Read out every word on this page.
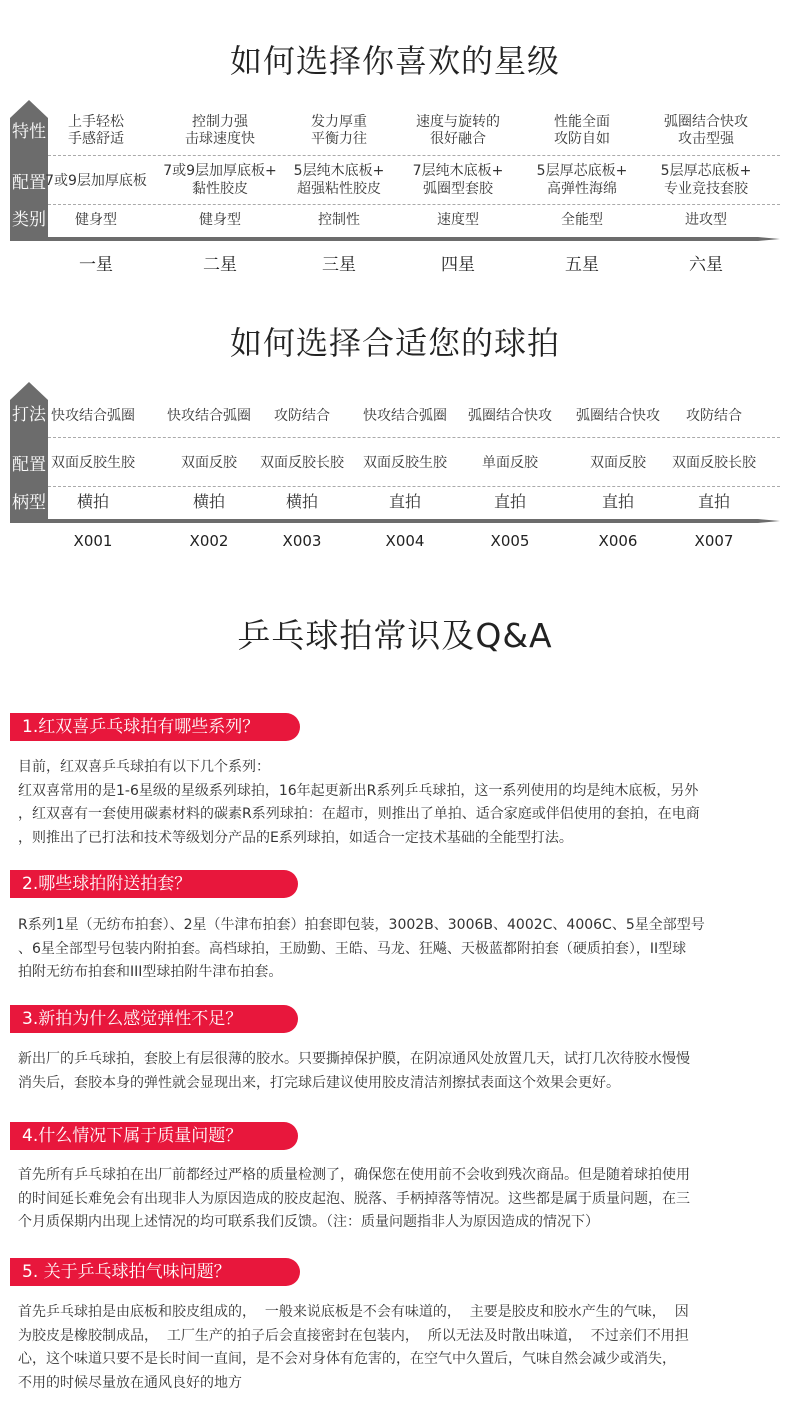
如何选择你喜欢的星级
特性
配置
类别
上手轻松
手感舒适
7或9层加厚底板
健身型
一星
控制力强
击球速度快
7或9层加厚底板+
黏性胶皮
健身型
二星
发力厚重
平衡力往
5层纯木底板+
超强粘性胶皮
控制性
三星
速度与旋转的
很好融合
7层纯木底板+
弧圈型套胶
速度型
四星
性能全面
攻防自如
5层厚芯底板+
高弹性海绵
全能型
五星
弧圈结合快攻
攻击型强
5层厚芯底板+
专业竞技套胶
进攻型
六星
如何选择合适您的球拍
打法
配置
柄型
快攻结合弧圈
双面反胶生胶
横拍
X001
快攻结合弧圈
双面反胶
横拍
X002
攻防结合
双面反胶长胶
横拍
X003
快攻结合弧圈
双面反胶生胶
直拍
X004
弧圈结合快攻
单面反胶
直拍
X005
弧圈结合快攻
双面反胶
直拍
X006
攻防结合
双面反胶长胶
直拍
X007
乒乓球拍常识及Q&A
1.红双喜乒乓球拍有哪些系列？
目前，红双喜乒乓球拍有以下几个系列：
红双喜常用的是1-6星级的星级系列球拍，16年起更新出R系列乒乓球拍，这一系列使用的均是纯木底板，另外
，红双喜有一套使用碳素材料的碳素R系列球拍：在超市，则推出了单拍、适合家庭或伴侣使用的套拍，在电商
，则推出了已打法和技术等级划分产品的E系列球拍，如适合一定技术基础的全能型打法。
2.哪些球拍附送拍套？
R系列1星（无纺布拍套）、2星（牛津布拍套）拍套即包装，3002B、3006B、4002C、4006C、5星全部型号
、6星全部型号包装内附拍套。高档球拍，王励勤、王皓、马龙、狂飚、天极蓝都附拍套（硬质拍套），II型球
拍附无纺布拍套和III型球拍附牛津布拍套。
3.新拍为什么感觉弹性不足？
新出厂的乒乓球拍，套胶上有层很薄的胶水。只要撕掉保护膜，在阴凉通风处放置几天，试打几次待胶水慢慢
消失后，套胶本身的弹性就会显现出来，打完球后建议使用胶皮清洁剂擦拭表面这个效果会更好。
4.什么情况下属于质量问题？
首先所有乒乓球拍在出厂前都经过严格的质量检测了，确保您在使用前不会收到残次商品。但是随着球拍使用
的时间延长难免会有出现非人为原因造成的胶皮起泡、脱落、手柄掉落等情况。这些都是属于质量问题，在三
个月质保期内出现上述情况的均可联系我们反馈。（注：质量问题指非人为原因造成的情况下）
5. 关于乒乓球拍气味问题？
首先乒乓球拍是由底板和胶皮组成的，  一般来说底板是不会有味道的，  主要是胶皮和胶水产生的气味，  因
为胶皮是橡胶制成品，  工厂生产的拍子后会直接密封在包装内，  所以无法及时散出味道，  不过亲们不用担
心，这个味道只要不是长时间一直间，是不会对身体有危害的，在空气中久置后，气味自然会减少或消失，
不用的时候尽量放在通风良好的地方
